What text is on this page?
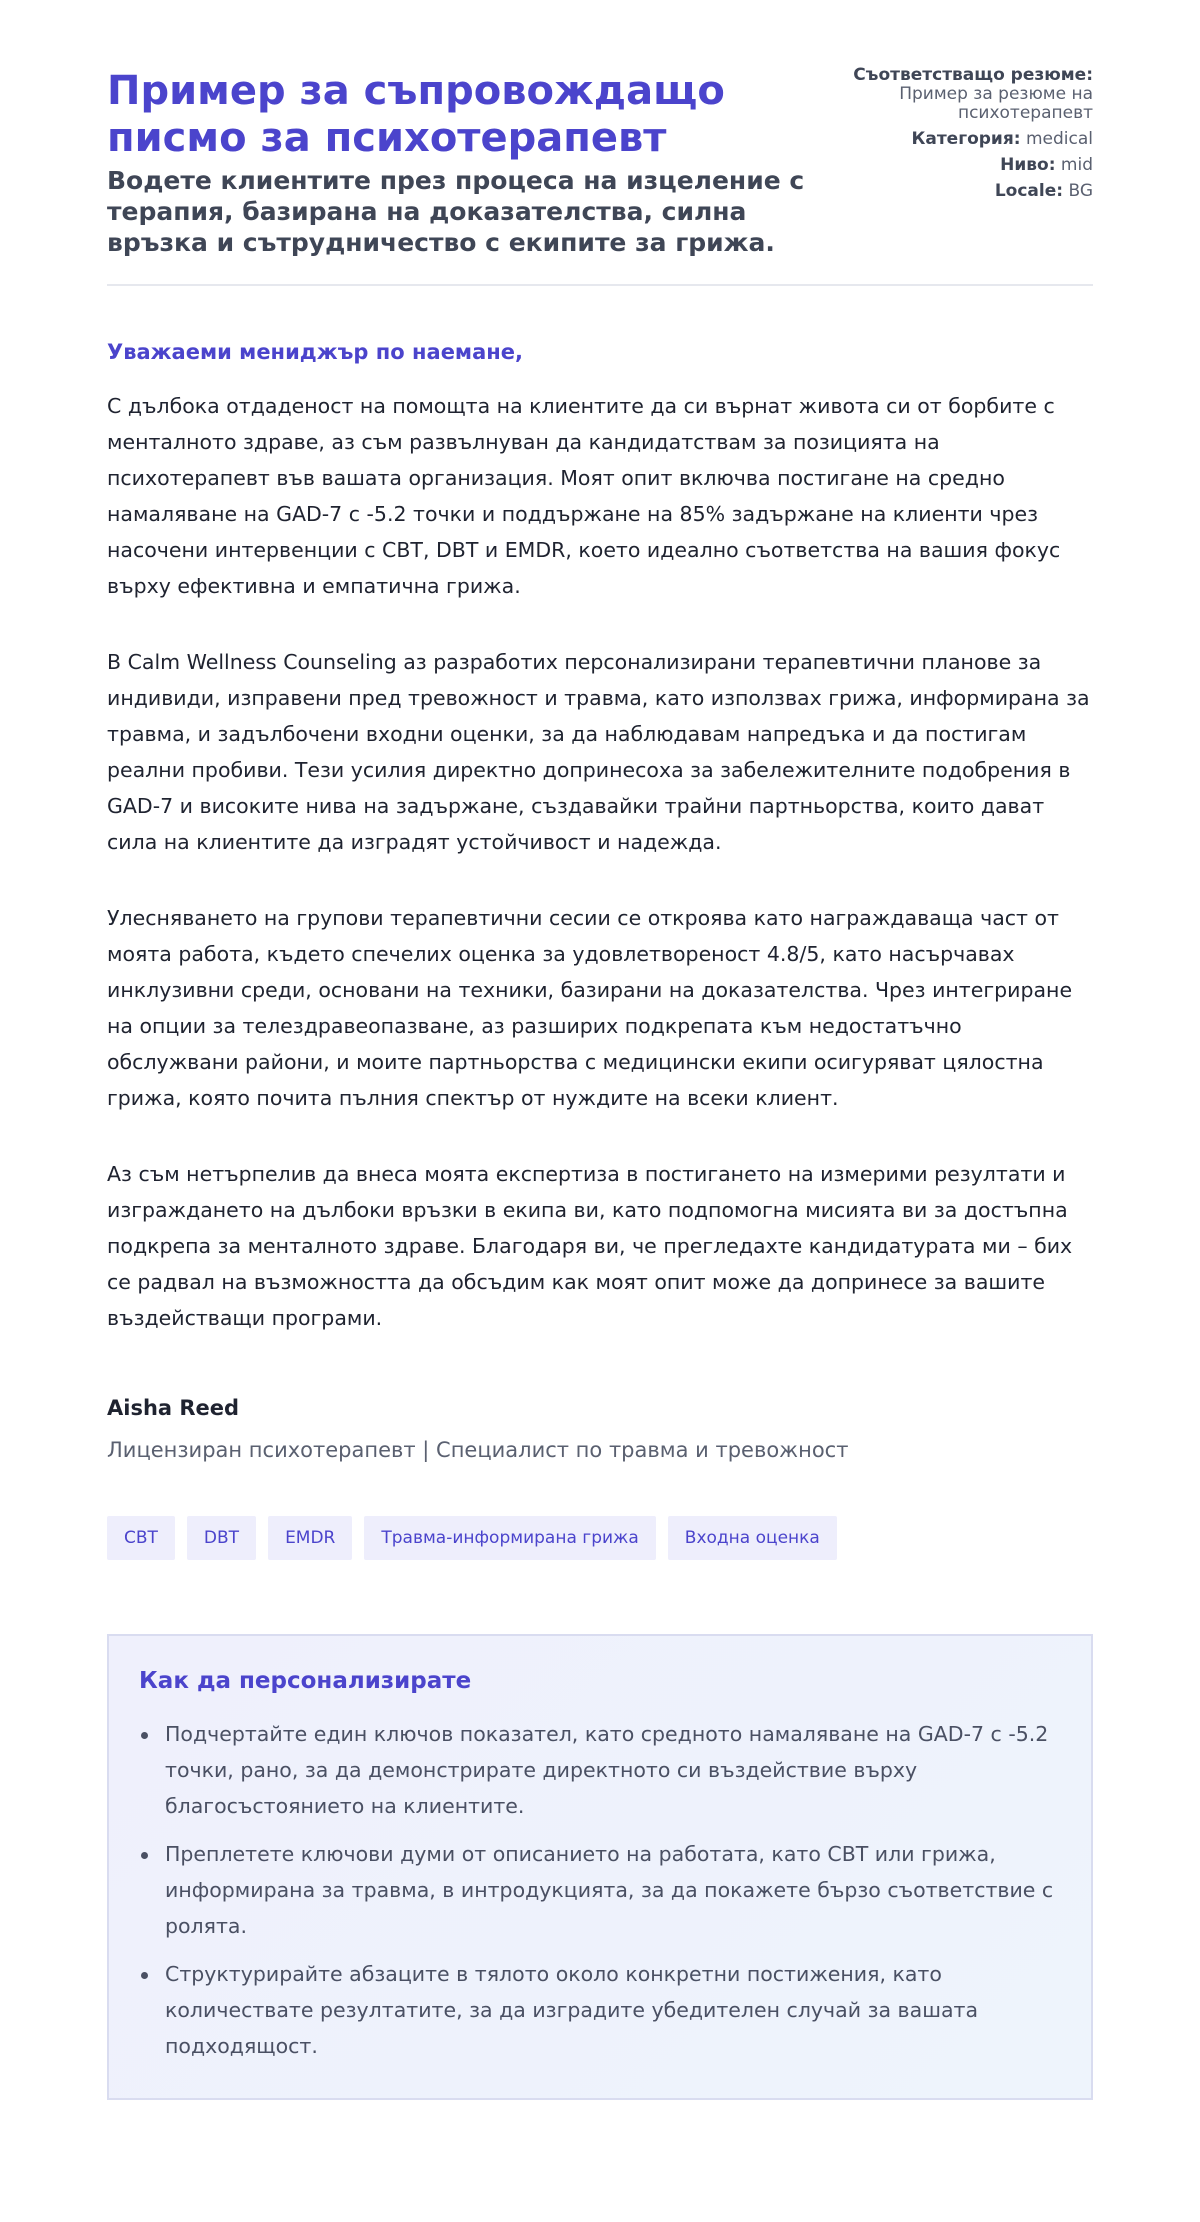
Пример за съпровождащо писмо за психотерапевт
Водете клиентите през процеса на изцеление с терапия, базирана на доказателства, силна връзка и сътрудничество с екипите за грижа.
Съответстващо резюме: Пример за резюме на психотерапевт
Категория: medical
Ниво: mid
Locale: BG
Уважаеми мениджър по наемане,

С дълбока отдаденост на помощта на клиентите да си върнат живота си от борбите с менталното здраве, аз съм развълнуван да кандидатствам за позицията на психотерапевт във вашата организация. Моят опит включва постигане на средно намаляване на GAD-7 с -5.2 точки и поддържане на 85% задържане на клиенти чрез насочени интервенции с CBT, DBT и EMDR, което идеално съответства на вашия фокус върху ефективна и емпатична грижа.

В Calm Wellness Counseling аз разработих персонализирани терапевтични планове за индивиди, изправени пред тревожност и травма, като използвах грижа, информирана за травма, и задълбочени входни оценки, за да наблюдавам напредъка и да постигам реални пробиви. Тези усилия директно допринесоха за забележителните подобрения в GAD-7 и високите нива на задържане, създавайки трайни партньорства, които дават сила на клиентите да изградят устойчивост и надежда.

Улесняването на групови терапевтични сесии се откроява като награждаваща част от моята работа, където спечелих оценка за удовлетвореност 4.8/5, като насърчавах инклузивни среди, основани на техники, базирани на доказателства. Чрез интегриране на опции за телездравеопазване, аз разширих подкрепата към недостатъчно обслужвани райони, и моите партньорства с медицински екипи осигуряват цялостна грижа, която почита пълния спектър от нуждите на всеки клиент.

Аз съм нетърпелив да внеса моята експертиза в постигането на измерими резултати и изграждането на дълбоки връзки в екипа ви, като подпомогна мисията ви за достъпна подкрепа за менталното здраве. Благодаря ви, че прегледахте кандидатурата ми – бих се радвал на възможността да обсъдим как моят опит може да допринесе за вашите въздействащи програми.

Aisha Reed
Лицензиран психотерапевт | Специалист по травма и тревожност
CBT	DBT	EMDR	Травма-информирана грижа	Входна оценка
Как да персонализирате
Подчертайте един ключов показател, като средното намаляване на GAD-7 с -5.2 точки, рано, за да демонстрирате директното си въздействие върху благосъстоянието на клиентите.
Преплетете ключови думи от описанието на работата, като CBT или грижа, информирана за травма, в интродукцията, за да покажете бързо съответствие с ролята.
Структурирайте абзаците в тялото около конкретни постижения, като количествате резултатите, за да изградите убедителен случай за вашата подходящост.
